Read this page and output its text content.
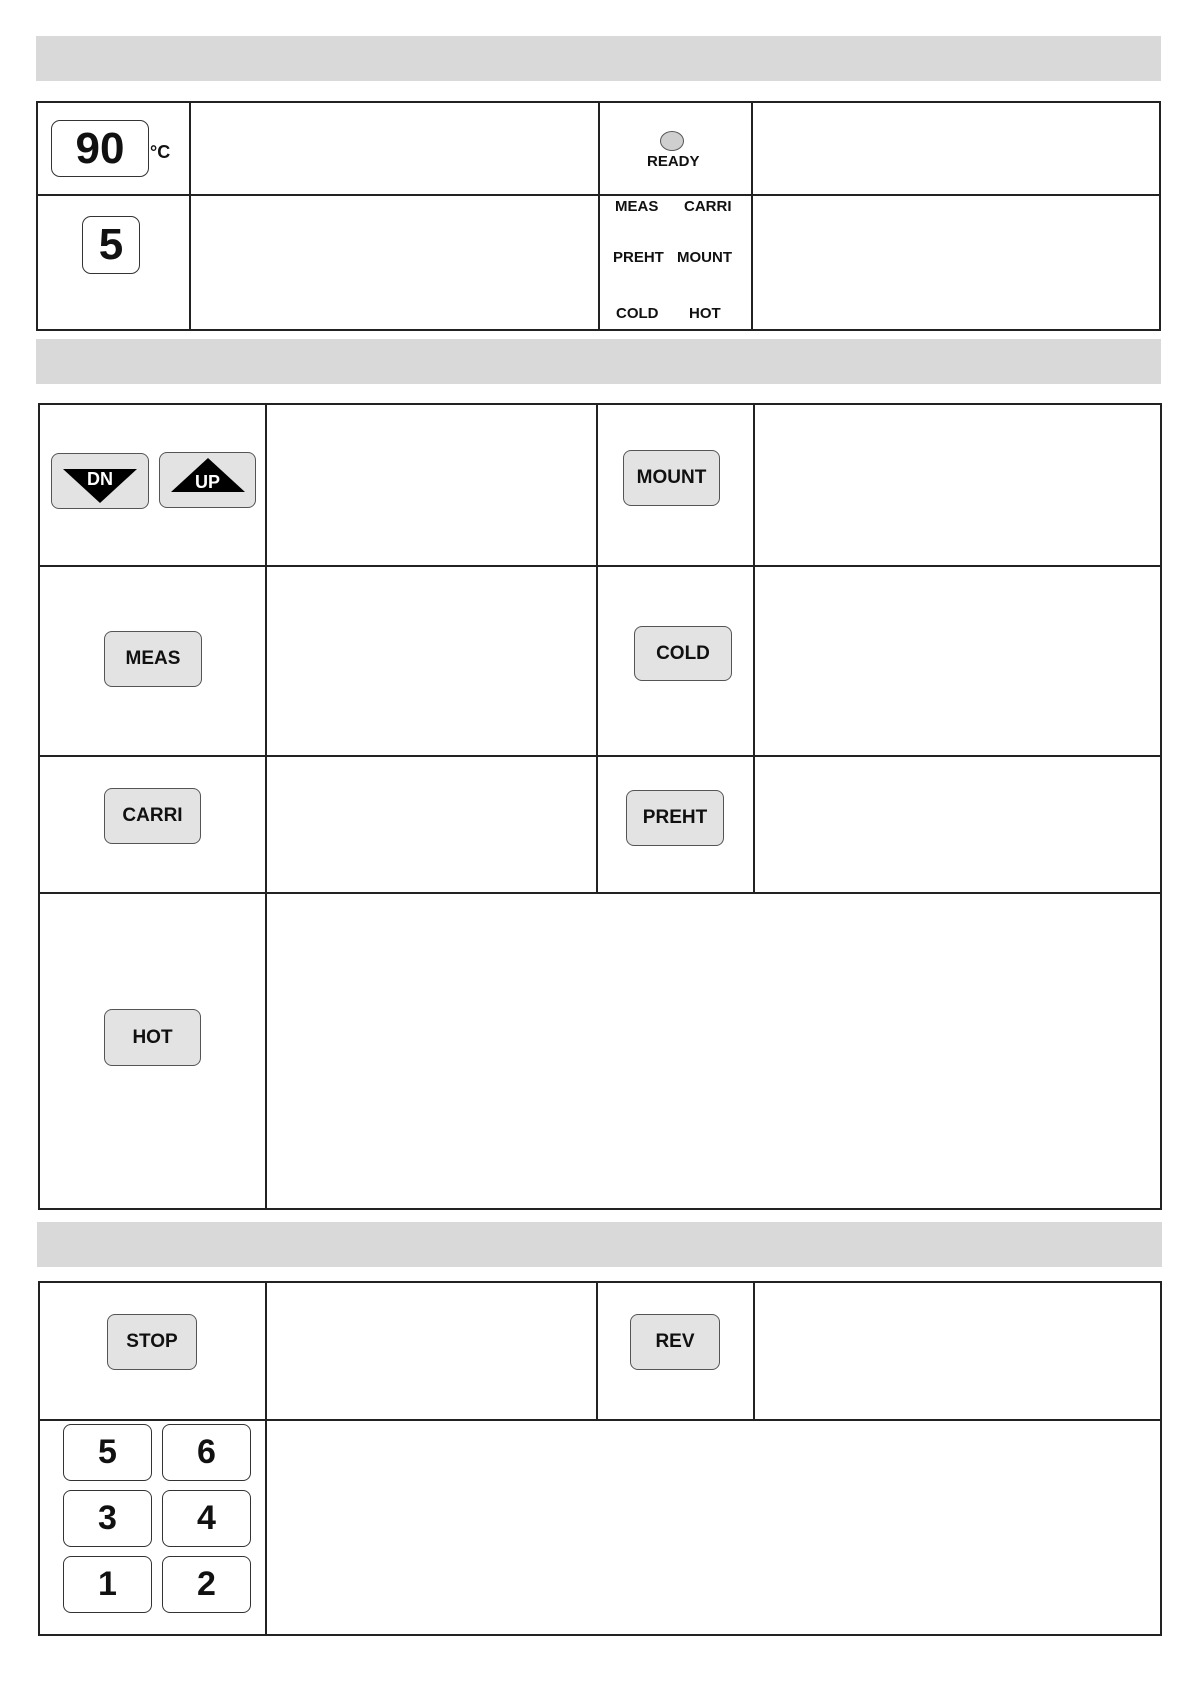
90	°C
5
READY
MEAS CARRI
PREHT MOUNT
COLD HOT
DN	UP	MOUNT
MEAS	COLD
CARRI	PREHT
HOT
STOP	REV
5	6
3	4
1	2
